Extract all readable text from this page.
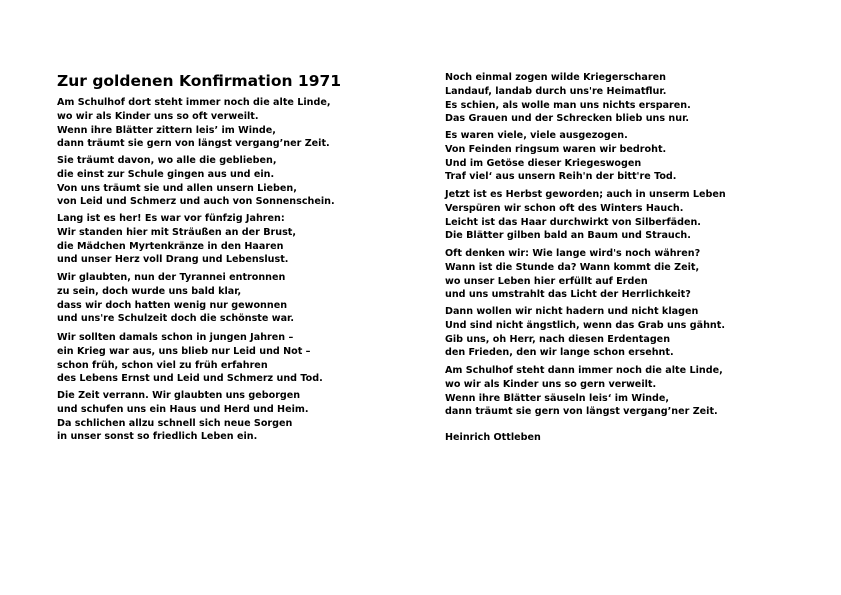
Zur goldenen Konfirmation 1971
Am Schulhof dort steht immer noch die alte Linde,
wo wir als Kinder uns so oft verweilt.
Wenn ihre Blätter zittern leis’ im Winde,
dann träumt sie gern von längst vergang’ner Zeit.
Sie träumt davon, wo alle die geblieben,
die einst zur Schule gingen aus und ein.
Von uns träumt sie und allen unsern Lieben,
von Leid und Schmerz und auch von Sonnenschein.
Lang ist es her! Es war vor fünfzig Jahren:
Wir standen hier mit Sträußen an der Brust,
die Mädchen Myrtenkränze in den Haaren
und unser Herz voll Drang und Lebenslust.
Wir glaubten, nun der Tyrannei entronnen
zu sein, doch wurde uns bald klar,
dass wir doch hatten wenig nur gewonnen
und uns're Schulzeit doch die schönste war.
Wir sollten damals schon in jungen Jahren –
ein Krieg war aus, uns blieb nur Leid und Not –
schon früh, schon viel zu früh erfahren
des Lebens Ernst und Leid und Schmerz und Tod.
Die Zeit verrann. Wir glaubten uns geborgen
und schufen uns ein Haus und Herd und Heim.
Da schlichen allzu schnell sich neue Sorgen
in unser sonst so friedlich Leben ein.
Noch einmal zogen wilde Kriegerscharen
Landauf, landab durch uns're Heimatflur.
Es schien, als wolle man uns nichts ersparen.
Das Grauen und der Schrecken blieb uns nur.
Es waren viele, viele ausgezogen.
Von Feinden ringsum waren wir bedroht.
Und im Getöse dieser Kriegeswogen
Traf viel‘ aus unsern Reih'n der bitt're Tod.
Jetzt ist es Herbst geworden; auch in unserm Leben
Verspüren wir schon oft des Winters Hauch.
Leicht ist das Haar durchwirkt von Silberfäden.
Die Blätter gilben bald an Baum und Strauch.
Oft denken wir: Wie lange wird's noch währen?
Wann ist die Stunde da? Wann kommt die Zeit,
wo unser Leben hier erfüllt auf Erden
und uns umstrahlt das Licht der Herrlichkeit?
Dann wollen wir nicht hadern und nicht klagen
Und sind nicht ängstlich, wenn das Grab uns gähnt.
Gib uns, oh Herr, nach diesen Erdentagen
den Frieden, den wir lange schon ersehnt.
Am Schulhof steht dann immer noch die alte Linde,
wo wir als Kinder uns so gern verweilt.
Wenn ihre Blätter säuseln leis‘ im Winde,
dann träumt sie gern von längst vergang’ner Zeit.

Heinrich Ottleben
